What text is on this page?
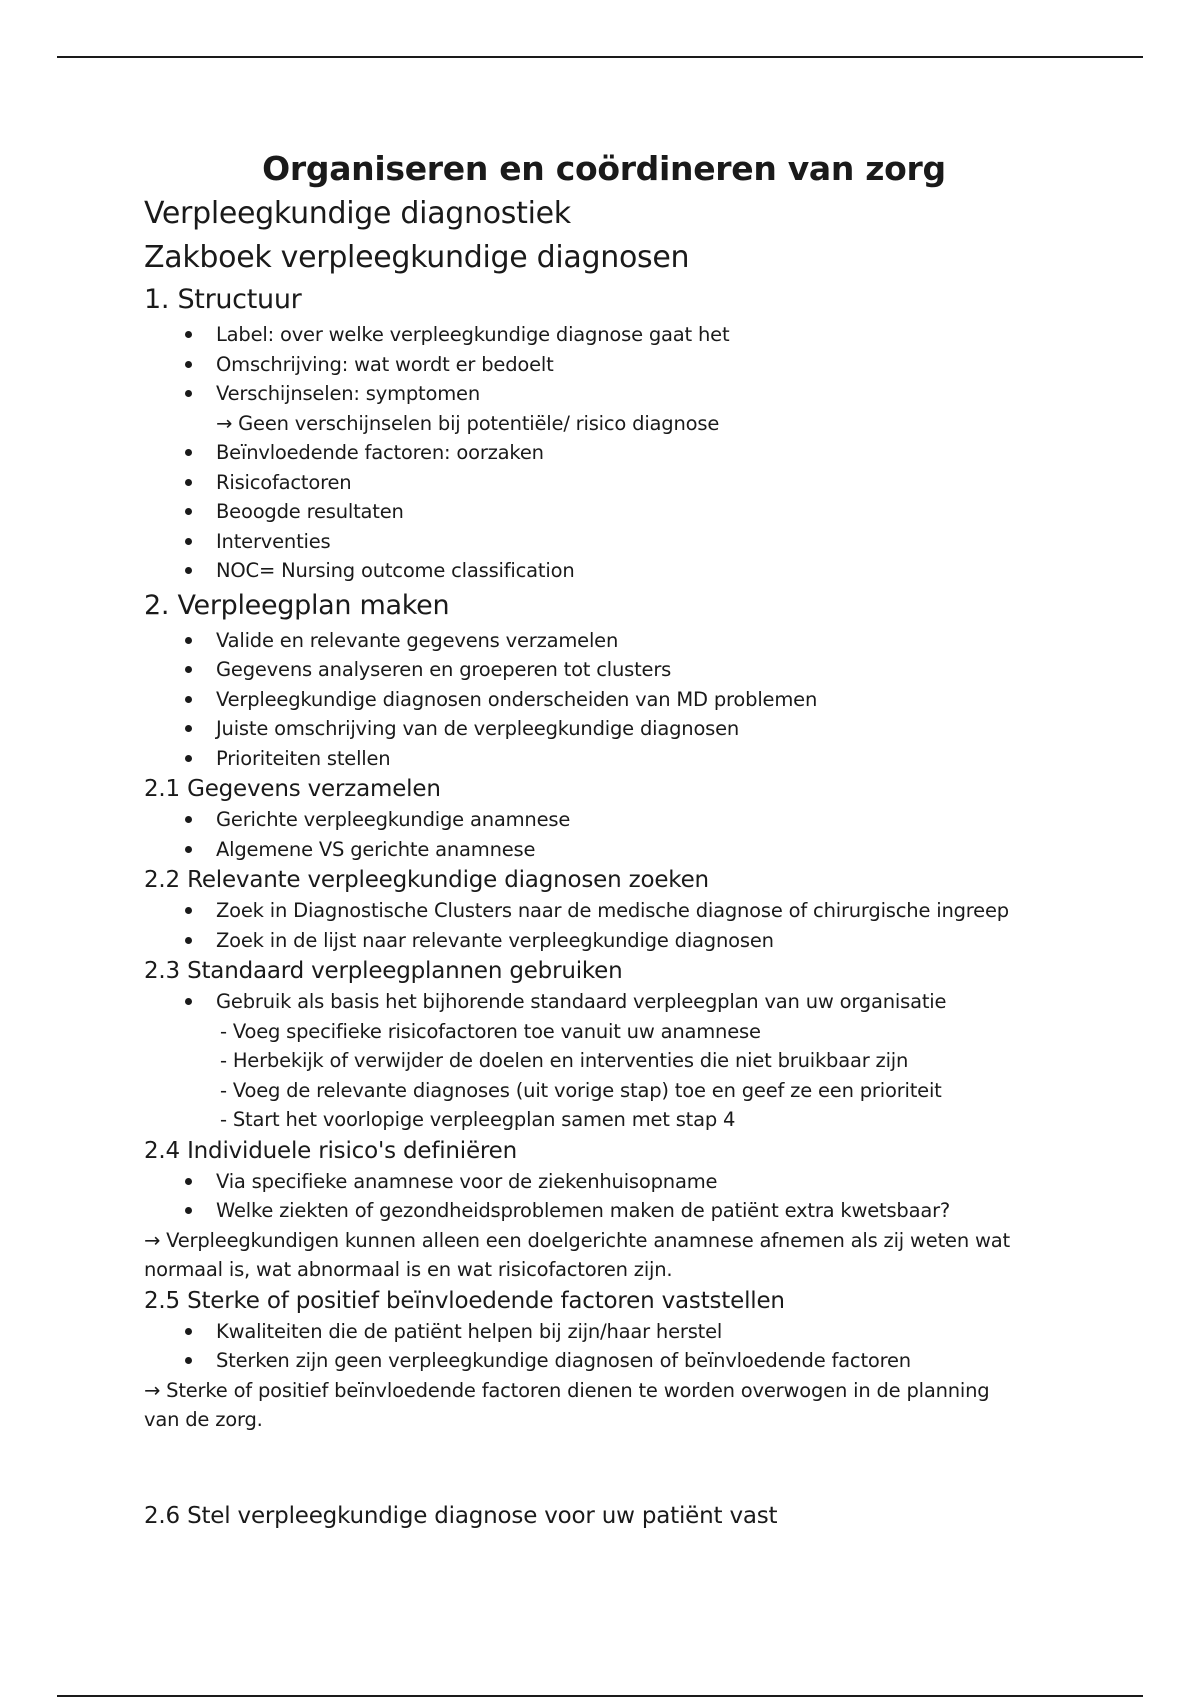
Organiseren en coördineren van zorg
Verpleegkundige diagnostiek
Zakboek verpleegkundige diagnosen
1. Structuur
Label: over welke verpleegkundige diagnose gaat het
Omschrijving: wat wordt er bedoelt
Verschijnselen: symptomen
→ Geen verschijnselen bij potentiële/ risico diagnose
Beïnvloedende factoren: oorzaken
Risicofactoren
Beoogde resultaten
Interventies
NOC= Nursing outcome classification
2. Verpleegplan maken
Valide en relevante gegevens verzamelen
Gegevens analyseren en groeperen tot clusters
Verpleegkundige diagnosen onderscheiden van MD problemen
Juiste omschrijving van de verpleegkundige diagnosen
Prioriteiten stellen
2.1 Gegevens verzamelen
Gerichte verpleegkundige anamnese
Algemene VS gerichte anamnese
2.2 Relevante verpleegkundige diagnosen zoeken
Zoek in Diagnostische Clusters naar de medische diagnose of chirurgische ingreep
Zoek in de lijst naar relevante verpleegkundige diagnosen
2.3 Standaard verpleegplannen gebruiken
Gebruik als basis het bijhorende standaard verpleegplan van uw organisatie
- Voeg specifieke risicofactoren toe vanuit uw anamnese
- Herbekijk of verwijder de doelen en interventies die niet bruikbaar zijn
- Voeg de relevante diagnoses (uit vorige stap) toe en geef ze een prioriteit
- Start het voorlopige verpleegplan samen met stap 4
2.4 Individuele risico's definiëren
Via specifieke anamnese voor de ziekenhuisopname
Welke ziekten of gezondheidsproblemen maken de patiënt extra kwetsbaar?

→ Verpleegkundigen kunnen alleen een doelgerichte anamnese afnemen als zij weten wat
normaal is, wat abnormaal is en wat risicofactoren zijn.

2.5 Sterke of positief beïnvloedende factoren vaststellen
Kwaliteiten die de patiënt helpen bij zijn/haar herstel
Sterken zijn geen verpleegkundige diagnosen of beïnvloedende factoren

→ Sterke of positief beïnvloedende factoren dienen te worden overwogen in de planning
van de zorg.

2.6 Stel verpleegkundige diagnose voor uw patiënt vast
